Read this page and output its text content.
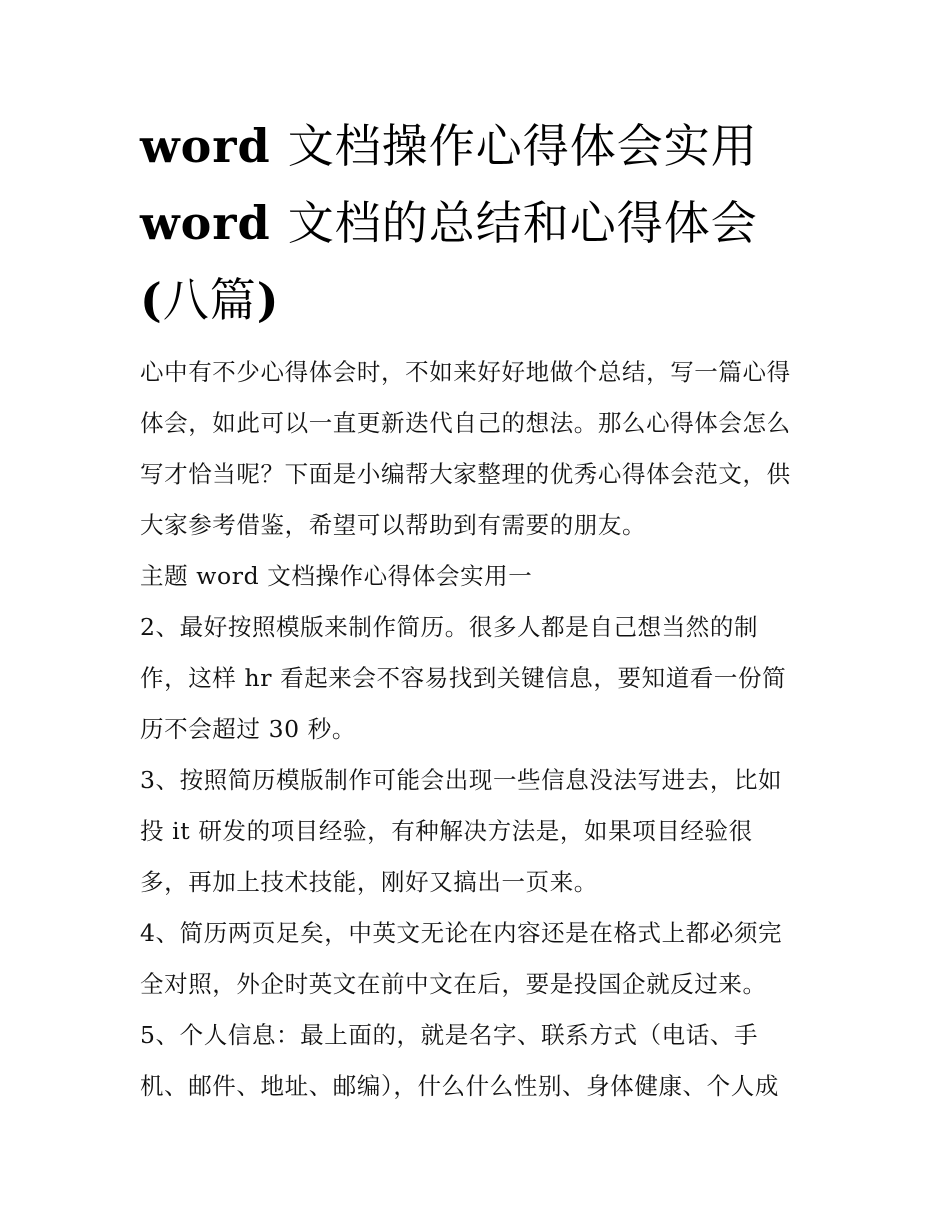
word 文档操作心得体会实用
word 文档的总结和心得体会
(八篇)

心中有不少心得体会时，不如来好好地做个总结，写一篇心得
体会，如此可以一直更新迭代自己的想法。那么心得体会怎么
写才恰当呢？下面是小编帮大家整理的优秀心得体会范文，供
大家参考借鉴，希望可以帮助到有需要的朋友。

主题 word 文档操作心得体会实用一

2、最好按照模版来制作简历。很多人都是自己想当然的制
作，这样 hr 看起来会不容易找到关键信息，要知道看一份简
历不会超过 30 秒。

3、按照简历模版制作可能会出现一些信息没法写进去，比如
投 it 研发的项目经验，有种解决方法是，如果项目经验很
多，再加上技术技能，刚好又搞出一页来。

4、简历两页足矣，中英文无论在内容还是在格式上都必须完
全对照，外企时英文在前中文在后，要是投国企就反过来。

5、个人信息：最上面的，就是名字、联系方式（电话、手
机、邮件、地址、邮编），什么什么性别、身体健康、个人成
